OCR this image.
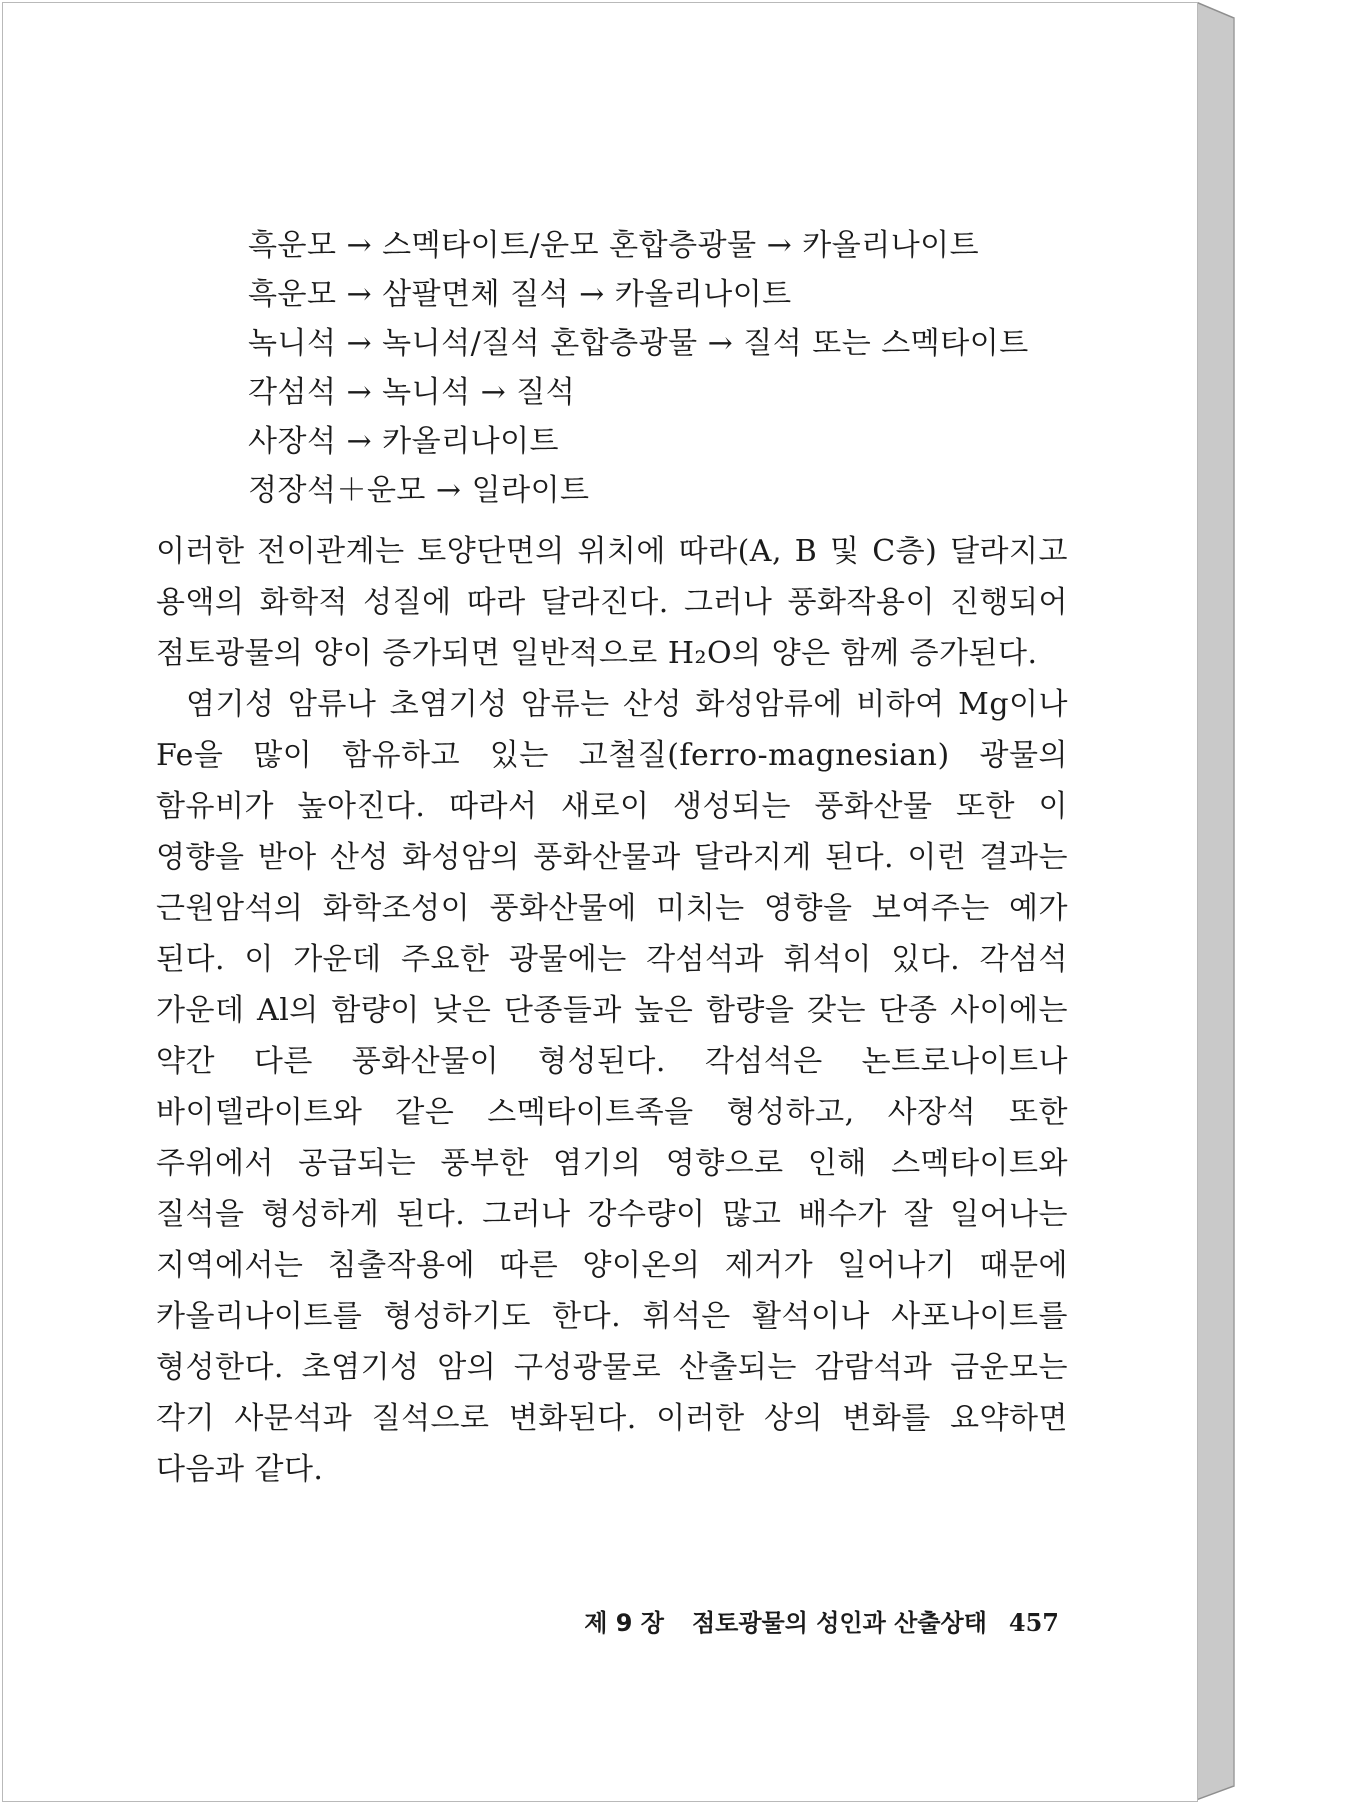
흑운모 → 스멕타이트/운모 혼합층광물 → 카올리나이트
흑운모 → 삼팔면체 질석 → 카올리나이트
녹니석 → 녹니석/질석 혼합층광물 → 질석 또는 스멕타이트
각섬석 → 녹니석 → 질석
사장석 → 카올리나이트
정장석＋운모 → 일라이트

이러한 전이관계는 토양단면의 위치에 따라(A, B 및 C층) 달라지고 용액의 화학적 성질에 따라 달라진다. 그러나 풍화작용이 진행되어 점토광물의 양이 증가되면 일반적으로 H₂O의 양은 함께 증가된다.

염기성 암류나 초염기성 암류는 산성 화성암류에 비하여 Mg이나 Fe을 많이 함유하고 있는 고철질(ferro-magnesian) 광물의 함유비가 높아진다. 따라서 새로이 생성되는 풍화산물 또한 이 영향을 받아 산성 화성암의 풍화산물과 달라지게 된다. 이런 결과는 근원암석의 화학조성이 풍화산물에 미치는 영향을 보여주는 예가 된다. 이 가운데 주요한 광물에는 각섬석과 휘석이 있다. 각섬석 가운데 Al의 함량이 낮은 단종들과 높은 함량을 갖는 단종 사이에는 약간 다른 풍화산물이 형성된다. 각섬석은 논트로나이트나 바이델라이트와 같은 스멕타이트족을 형성하고, 사장석 또한 주위에서 공급되는 풍부한 염기의 영향으로 인해 스멕타이트와 질석을 형성하게 된다. 그러나 강수량이 많고 배수가 잘 일어나는 지역에서는 침출작용에 따른 양이온의 제거가 일어나기 때문에 카올리나이트를 형성하기도 한다. 휘석은 활석이나 사포나이트를 형성한다. 초염기성 암의 구성광물로 산출되는 감람석과 금운모는 각기 사문석과 질석으로 변화된다. 이러한 상의 변화를 요약하면 다음과 같다.

제 9 장 점토광물의 성인과 산출상태 457
